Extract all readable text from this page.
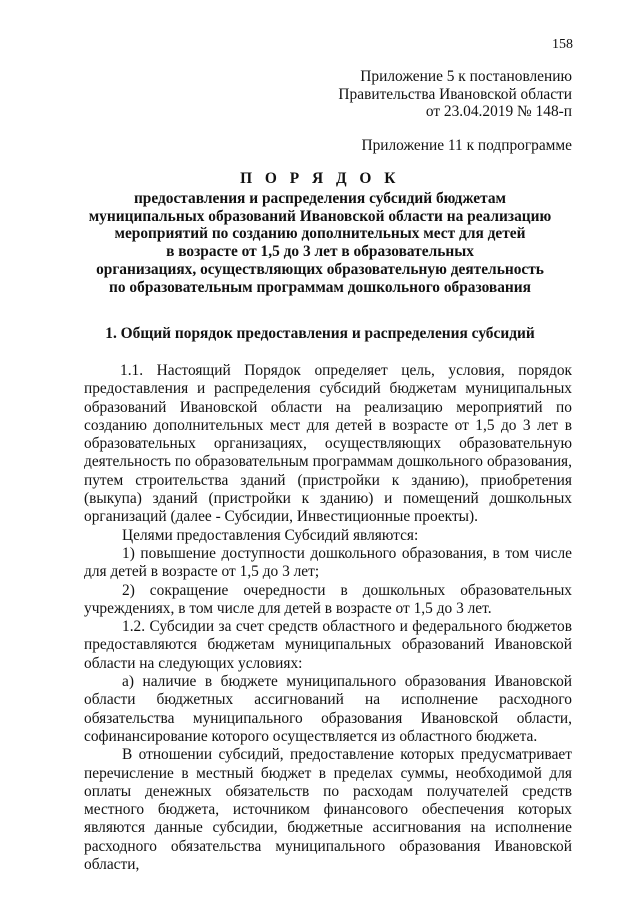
158
Приложение 5 к постановлению
Правительства Ивановской области
от 23.04.2019 № 148-п
Приложение 11 к подпрограмме
П О Р Я Д О К
предоставления и распределения субсидий бюджетам
муниципальных образований Ивановской области на реализацию
мероприятий по созданию дополнительных мест для детей
в возрасте от 1,5 до 3 лет в образовательных
организациях, осуществляющих образовательную деятельность
по образовательным программам дошкольного образования
1. Общий порядок предоставления и распределения субсидий

1.1. Настоящий Порядок определяет цель, условия, порядок предоставления и распределения субсидий бюджетам муниципальных образований Ивановской области на реализацию мероприятий по созданию дополнительных мест для детей в возрасте от 1,5 до 3 лет в образовательных организациях, осуществляющих образовательную деятельность по образовательным программам дошкольного образования, путем строительства зданий (пристройки к зданию), приобретения (выкупа) зданий (пристройки к зданию) и помещений дошкольных организаций (далее - Субсидии, Инвестиционные проекты).

Целями предоставления Субсидий являются:

1) повышение доступности дошкольного образования, в том числе для детей в возрасте от 1,5 до 3 лет;

2) сокращение очередности в дошкольных образовательных учреждениях, в том числе для детей в возрасте от 1,5 до 3 лет.

1.2. Субсидии за счет средств областного и федерального бюджетов предоставляются бюджетам муниципальных образований Ивановской области на следующих условиях:

а) наличие в бюджете муниципального образования Ивановской области бюджетных ассигнований на исполнение расходного обязательства муниципального образования Ивановской области, софинансирование которого осуществляется из областного бюджета.

В отношении субсидий, предоставление которых предусматривает перечисление в местный бюджет в пределах суммы, необходимой для оплаты денежных обязательств по расходам получателей средств местного бюджета, источником финансового обеспечения которых являются данные субсидии, бюджетные ассигнования на исполнение расходного обязательства муниципального образования Ивановской области,
